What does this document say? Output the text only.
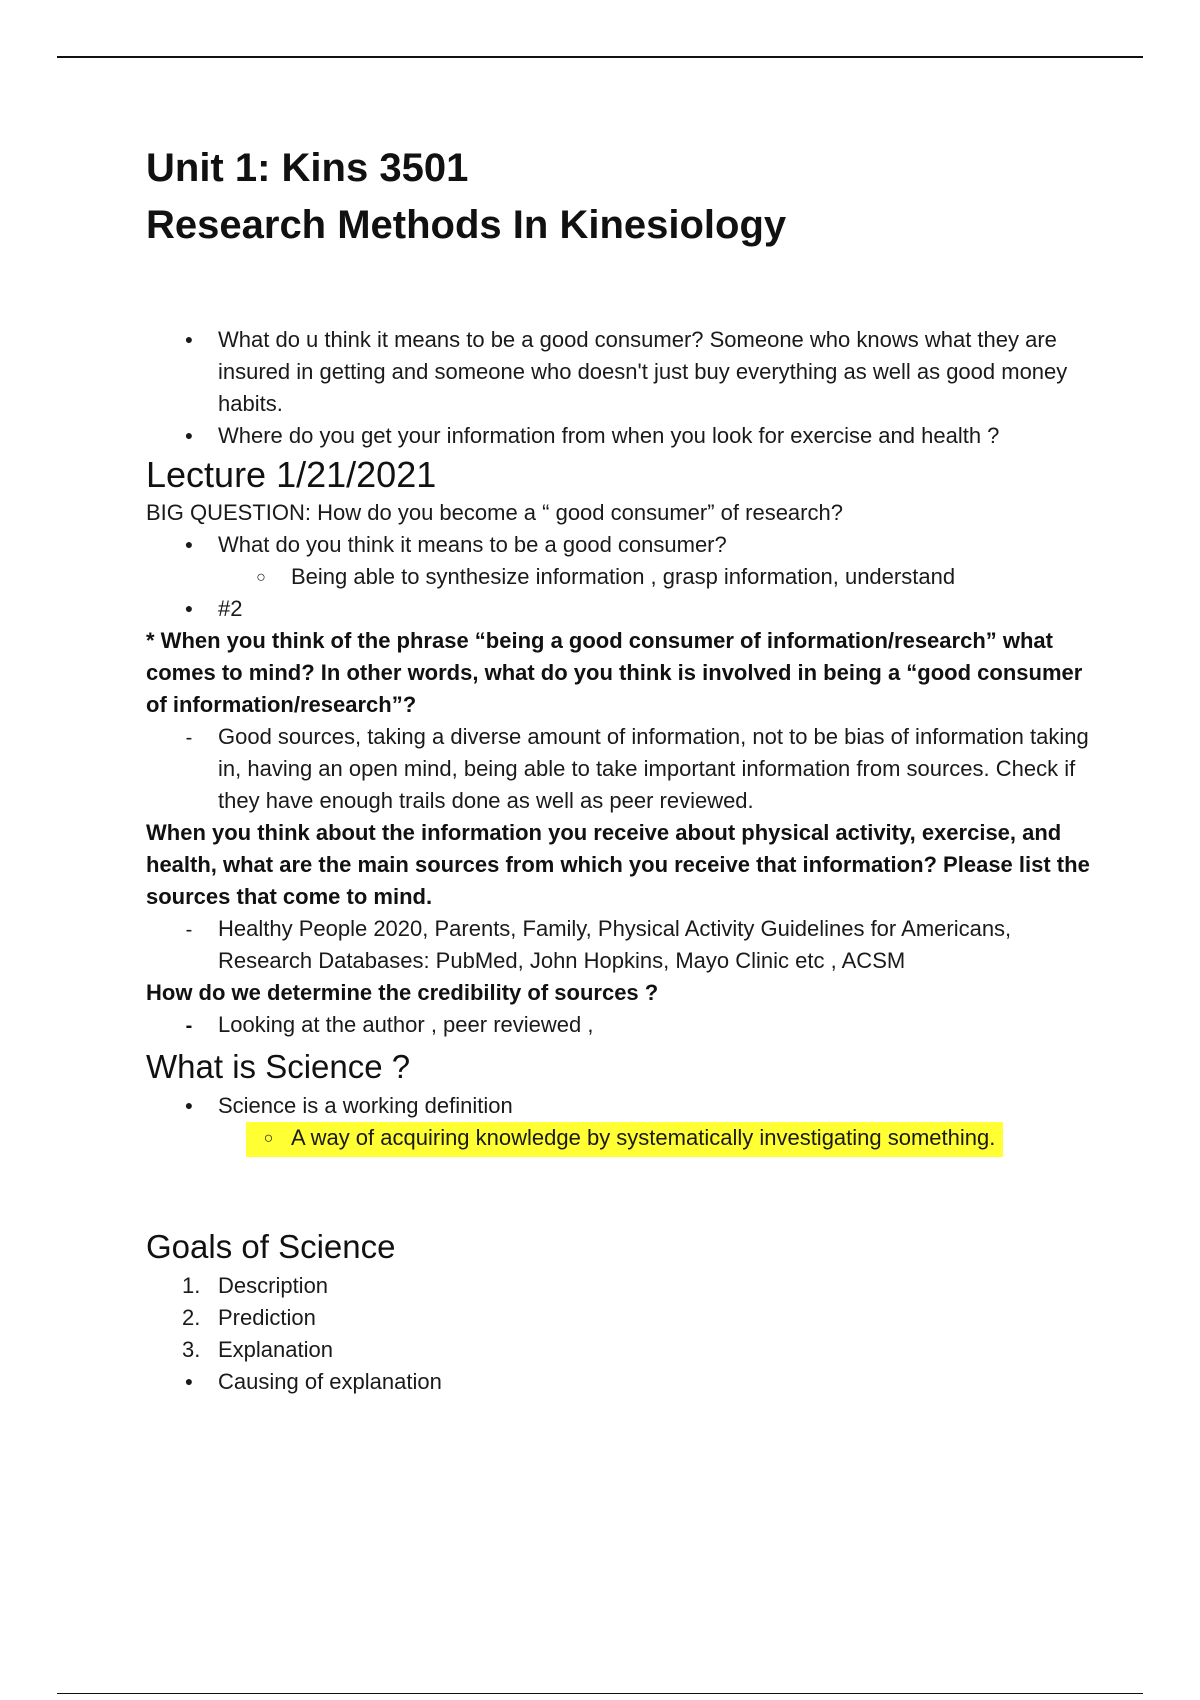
Unit 1: Kins 3501
Research Methods In Kinesiology
●
What do u think it means to be a good consumer? Someone who knows what they are insured in getting and someone who doesn't just buy everything as well as good money habits.
●
Where do you get your information from when you look for exercise and health ?
Lecture 1/21/2021
BIG QUESTION: How do you become a “ good consumer” of research?
●
What do you think it means to be a good consumer?
○
Being able to synthesize information , grasp information, understand
●
#2
* When you think of the phrase “being a good consumer of information/research” what comes to mind? In other words, what do you think is involved in being a “good consumer of information/research”?
-
Good sources, taking a diverse amount of information, not to be bias of information taking in, having an open mind, being able to take important information from sources. Check if they have enough trails done as well as peer reviewed.
When you think about the information you receive about physical activity, exercise, and health, what are the main sources from which you receive that information? Please list the sources that come to mind.
-
Healthy People 2020, Parents, Family, Physical Activity Guidelines for Americans, Research Databases: PubMed, John Hopkins, Mayo Clinic etc , ACSM
How do we determine the credibility of sources ?
-
Looking at the author , peer reviewed ,
What is Science ?
●
Science is a working definition
○A way of acquiring knowledge by systematically investigating something.
Goals of Science
1. Description
2. Prediction
3. Explanation
●
Causing of explanation
